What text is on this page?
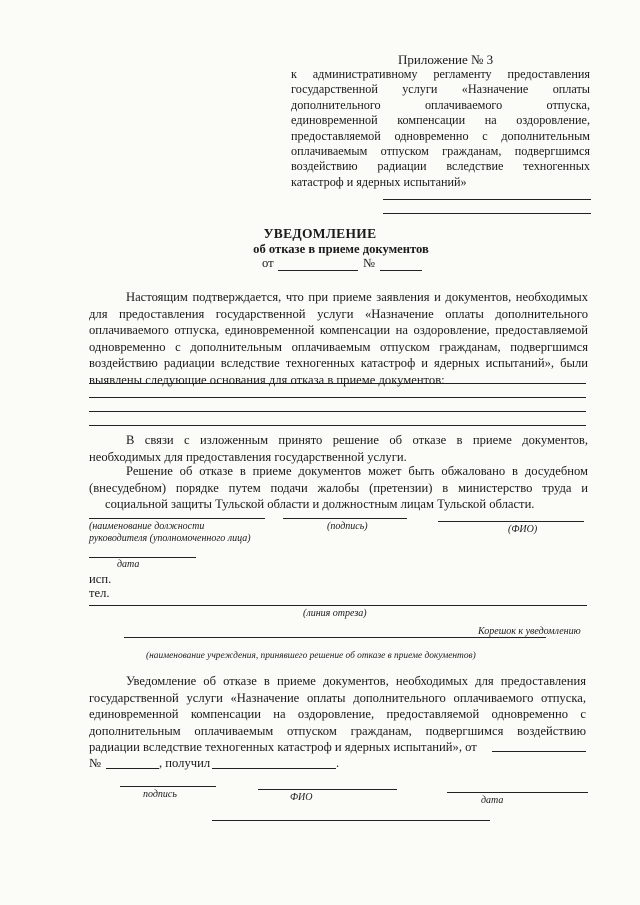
Приложение № 3
к административному регламенту предоставления
государственной услуги «Назначение оплаты
дополнительного оплачиваемого отпуска,
единовременной компенсации на оздоровление,
предоставляемой одновременно с дополнительным
оплачиваемым отпуском гражданам, подвергшимся
воздействию радиации вследствие техногенных
катастроф и ядерных испытаний»
УВЕДОМЛЕНИЕ
об отказе в приеме документов
от	№
Настоящим подтверждается, что при приеме заявления и документов, необходимых
для предоставления государственной услуги «Назначение оплаты дополнительного
оплачиваемого отпуска, единовременной компенсации на оздоровление, предоставляемой
одновременно с дополнительным оплачиваемым отпуском гражданам, подвергшимся
воздействию радиации вследствие техногенных катастроф и ядерных испытаний», были
выявлены следующие основания для отказа в приеме документов:
В связи с изложенным принято решение об отказе в приеме документов,
необходимых для предоставления государственной услуги.
Решение об отказе в приеме документов может быть обжаловано в досудебном
(внесудебном) порядке путем подачи жалобы (претензии) в министерство труда и
социальной защиты Тульской области и должностным лицам Тульской области.
(наименование должности	(подпись)	(ФИО)
руководителя (уполномоченного лица)
дата
исп.
тел.
(линия отреза)
Корешок к уведомлению
(наименование учреждения, принявшего решение об отказе в приеме документов)
Уведомление об отказе в приеме документов, необходимых для предоставления
государственной услуги «Назначение оплаты дополнительного оплачиваемого отпуска,
единовременной компенсации на оздоровление, предоставляемой одновременно с
дополнительным оплачиваемым отпуском гражданам, подвергшимся воздействию
радиации вследствие техногенных катастроф и ядерных испытаний», от
№	, получил	.
подпись	ФИО	дата
